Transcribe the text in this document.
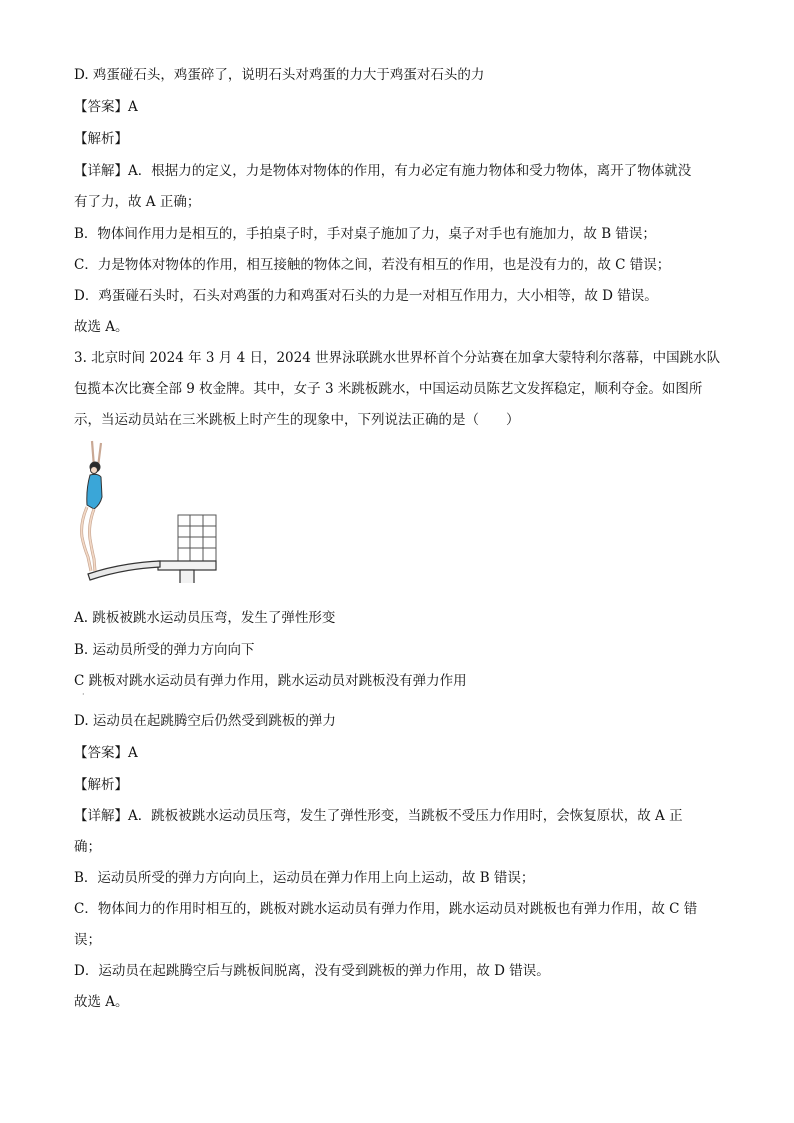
D. 鸡蛋碰石头，鸡蛋碎了，说明石头对鸡蛋的力大于鸡蛋对石头的力
【答案】A
【解析】
【详解】A．根据力的定义，力是物体对物体的作用，有力必定有施力物体和受力物体，离开了物体就没
有了力，故 A 正确；
B．物体间作用力是相互的，手拍桌子时，手对桌子施加了力，桌子对手也有施加力，故 B 错误；
C．力是物体对物体的作用，相互接触的物体之间，若没有相互的作用，也是没有力的，故 C 错误；
D．鸡蛋碰石头时，石头对鸡蛋的力和鸡蛋对石头的力是一对相互作用力，大小相等，故 D 错误。
故选 A。
3. 北京时间 2024 年 3 月 4 日，2024 世界泳联跳水世界杯首个分站赛在加拿大蒙特利尔落幕，中国跳水队
包揽本次比赛全部 9 枚金牌。其中，女子 3 米跳板跳水，中国运动员陈艺文发挥稳定，顺利夺金。如图所
示，当运动员站在三米跳板上时产生的现象中，下列说法正确的是（　　）
A. 跳板被跳水运动员压弯，发生了弹性形变
B. 运动员所受的弹力方向向下
C 跳板对跳水运动员有弹力作用，跳水运动员对跳板没有弹力作用
·
D. 运动员在起跳腾空后仍然受到跳板的弹力
【答案】A
【解析】
【详解】A．跳板被跳水运动员压弯，发生了弹性形变，当跳板不受压力作用时，会恢复原状，故 A 正
确；
B．运动员所受的弹力方向向上，运动员在弹力作用上向上运动，故 B 错误；
C．物体间力的作用时相互的，跳板对跳水运动员有弹力作用，跳水运动员对跳板也有弹力作用，故 C 错
误；
D．运动员在起跳腾空后与跳板间脱离，没有受到跳板的弹力作用，故 D 错误。
故选 A。
